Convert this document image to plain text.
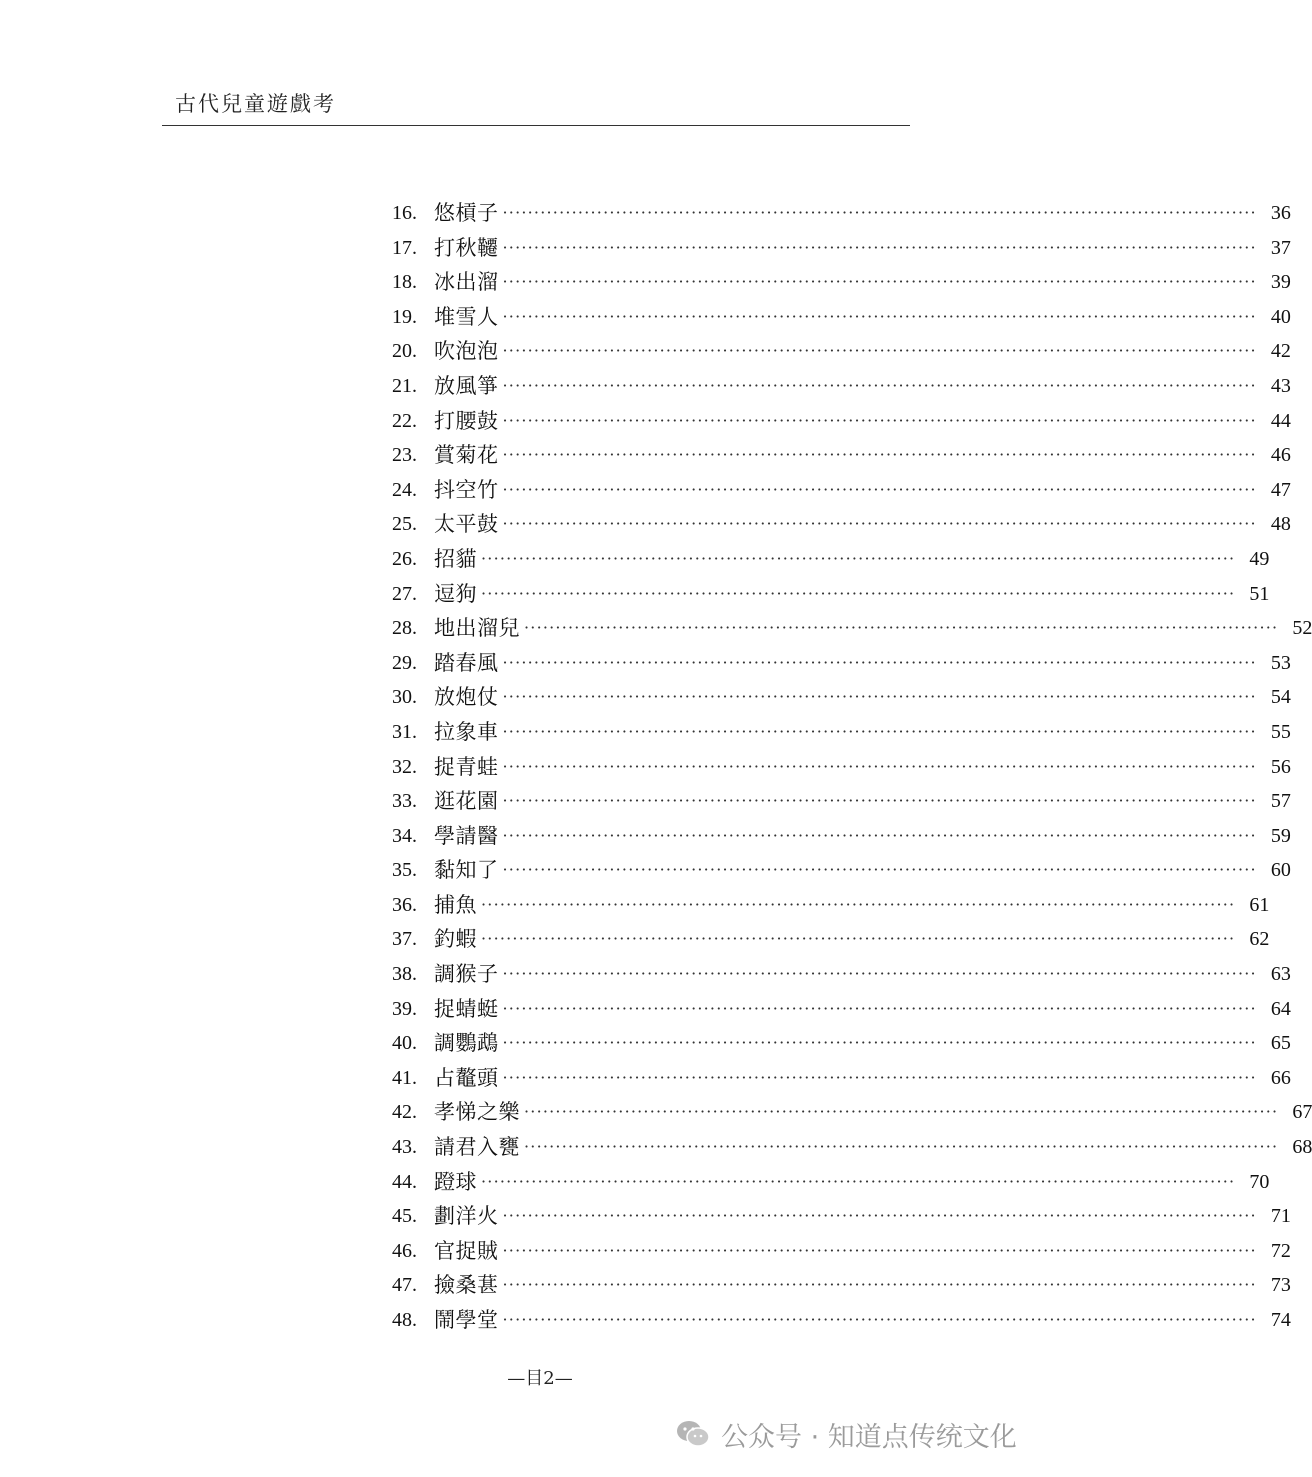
古代兒童遊戲考
16. 悠槓子 ························································································································ 36
17. 打秋韆 ························································································································ 37
18. 冰出溜 ························································································································ 39
19. 堆雪人 ························································································································ 40
20. 吹泡泡 ························································································································ 42
21. 放風箏 ························································································································ 43
22. 打腰鼓 ························································································································ 44
23. 賞菊花 ························································································································ 46
24. 抖空竹 ························································································································ 47
25. 太平鼓 ························································································································ 48
26. 招貓 ························································································································ 49
27. 逗狗 ························································································································ 51
28. 地出溜兒 ························································································································ 52
29. 踏春風 ························································································································ 53
30. 放炮仗 ························································································································ 54
31. 拉象車 ························································································································ 55
32. 捉青蛙 ························································································································ 56
33. 逛花園 ························································································································ 57
34. 學請醫 ························································································································ 59
35. 黏知了 ························································································································ 60
36. 捕魚 ························································································································ 61
37. 釣蝦 ························································································································ 62
38. 調猴子 ························································································································ 63
39. 捉蜻蜓 ························································································································ 64
40. 調鸚鵡 ························································································································ 65
41. 占鼇頭 ························································································································ 66
42. 孝悌之樂 ························································································································ 67
43. 請君入甕 ························································································································ 68
44. 蹬球 ························································································································ 70
45. 劃洋火 ························································································································ 71
46. 官捉賊 ························································································································ 72
47. 撿桑葚 ························································································································ 73
48. 鬧學堂 ························································································································ 74
—目2—
公众号 · 知道点传统文化
